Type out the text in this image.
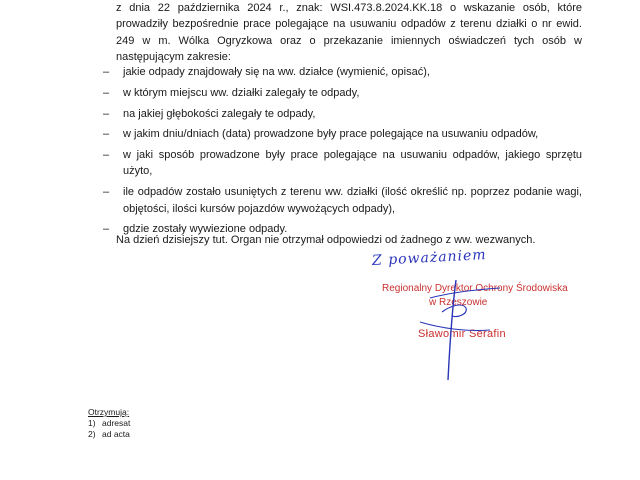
z dnia 22 października 2024 r., znak: WSI.473.8.2024.KK.18 o wskazanie osób, które prowadziły bezpośrednie prace polegające na usuwaniu odpadów z terenu działki o nr ewid. 249 w m. Wólka Ogryzkowa oraz o przekazanie imiennych oświadczeń tych osób w następującym zakresie:

– jakie odpady znajdowały się na ww. działce (wymienić, opisać),
– w którym miejscu ww. działki zalegały te odpady,
– na jakiej głębokości zalegały te odpady,
– w jakim dniu/dniach (data) prowadzone były prace polegające na usuwaniu odpadów,
– w jaki sposób prowadzone były prace polegające na usuwaniu odpadów, jakiego sprzętu użyto,
– ile odpadów zostało usuniętych z terenu ww. działki (ilość określić np. poprzez podanie wagi, objętości, ilości kursów pojazdów wywożących odpady),
– gdzie zostały wywiezione odpady.
Na dzień dzisiejszy tut. Organ nie otrzymał odpowiedzi od żadnego z ww. wezwanych.
Z poważaniem
Regionalny Dyrektor Ochrony Środowiska
w Rzeszowie
Sławomir Serafin
Otrzymują:
1) adresat
2) ad acta
